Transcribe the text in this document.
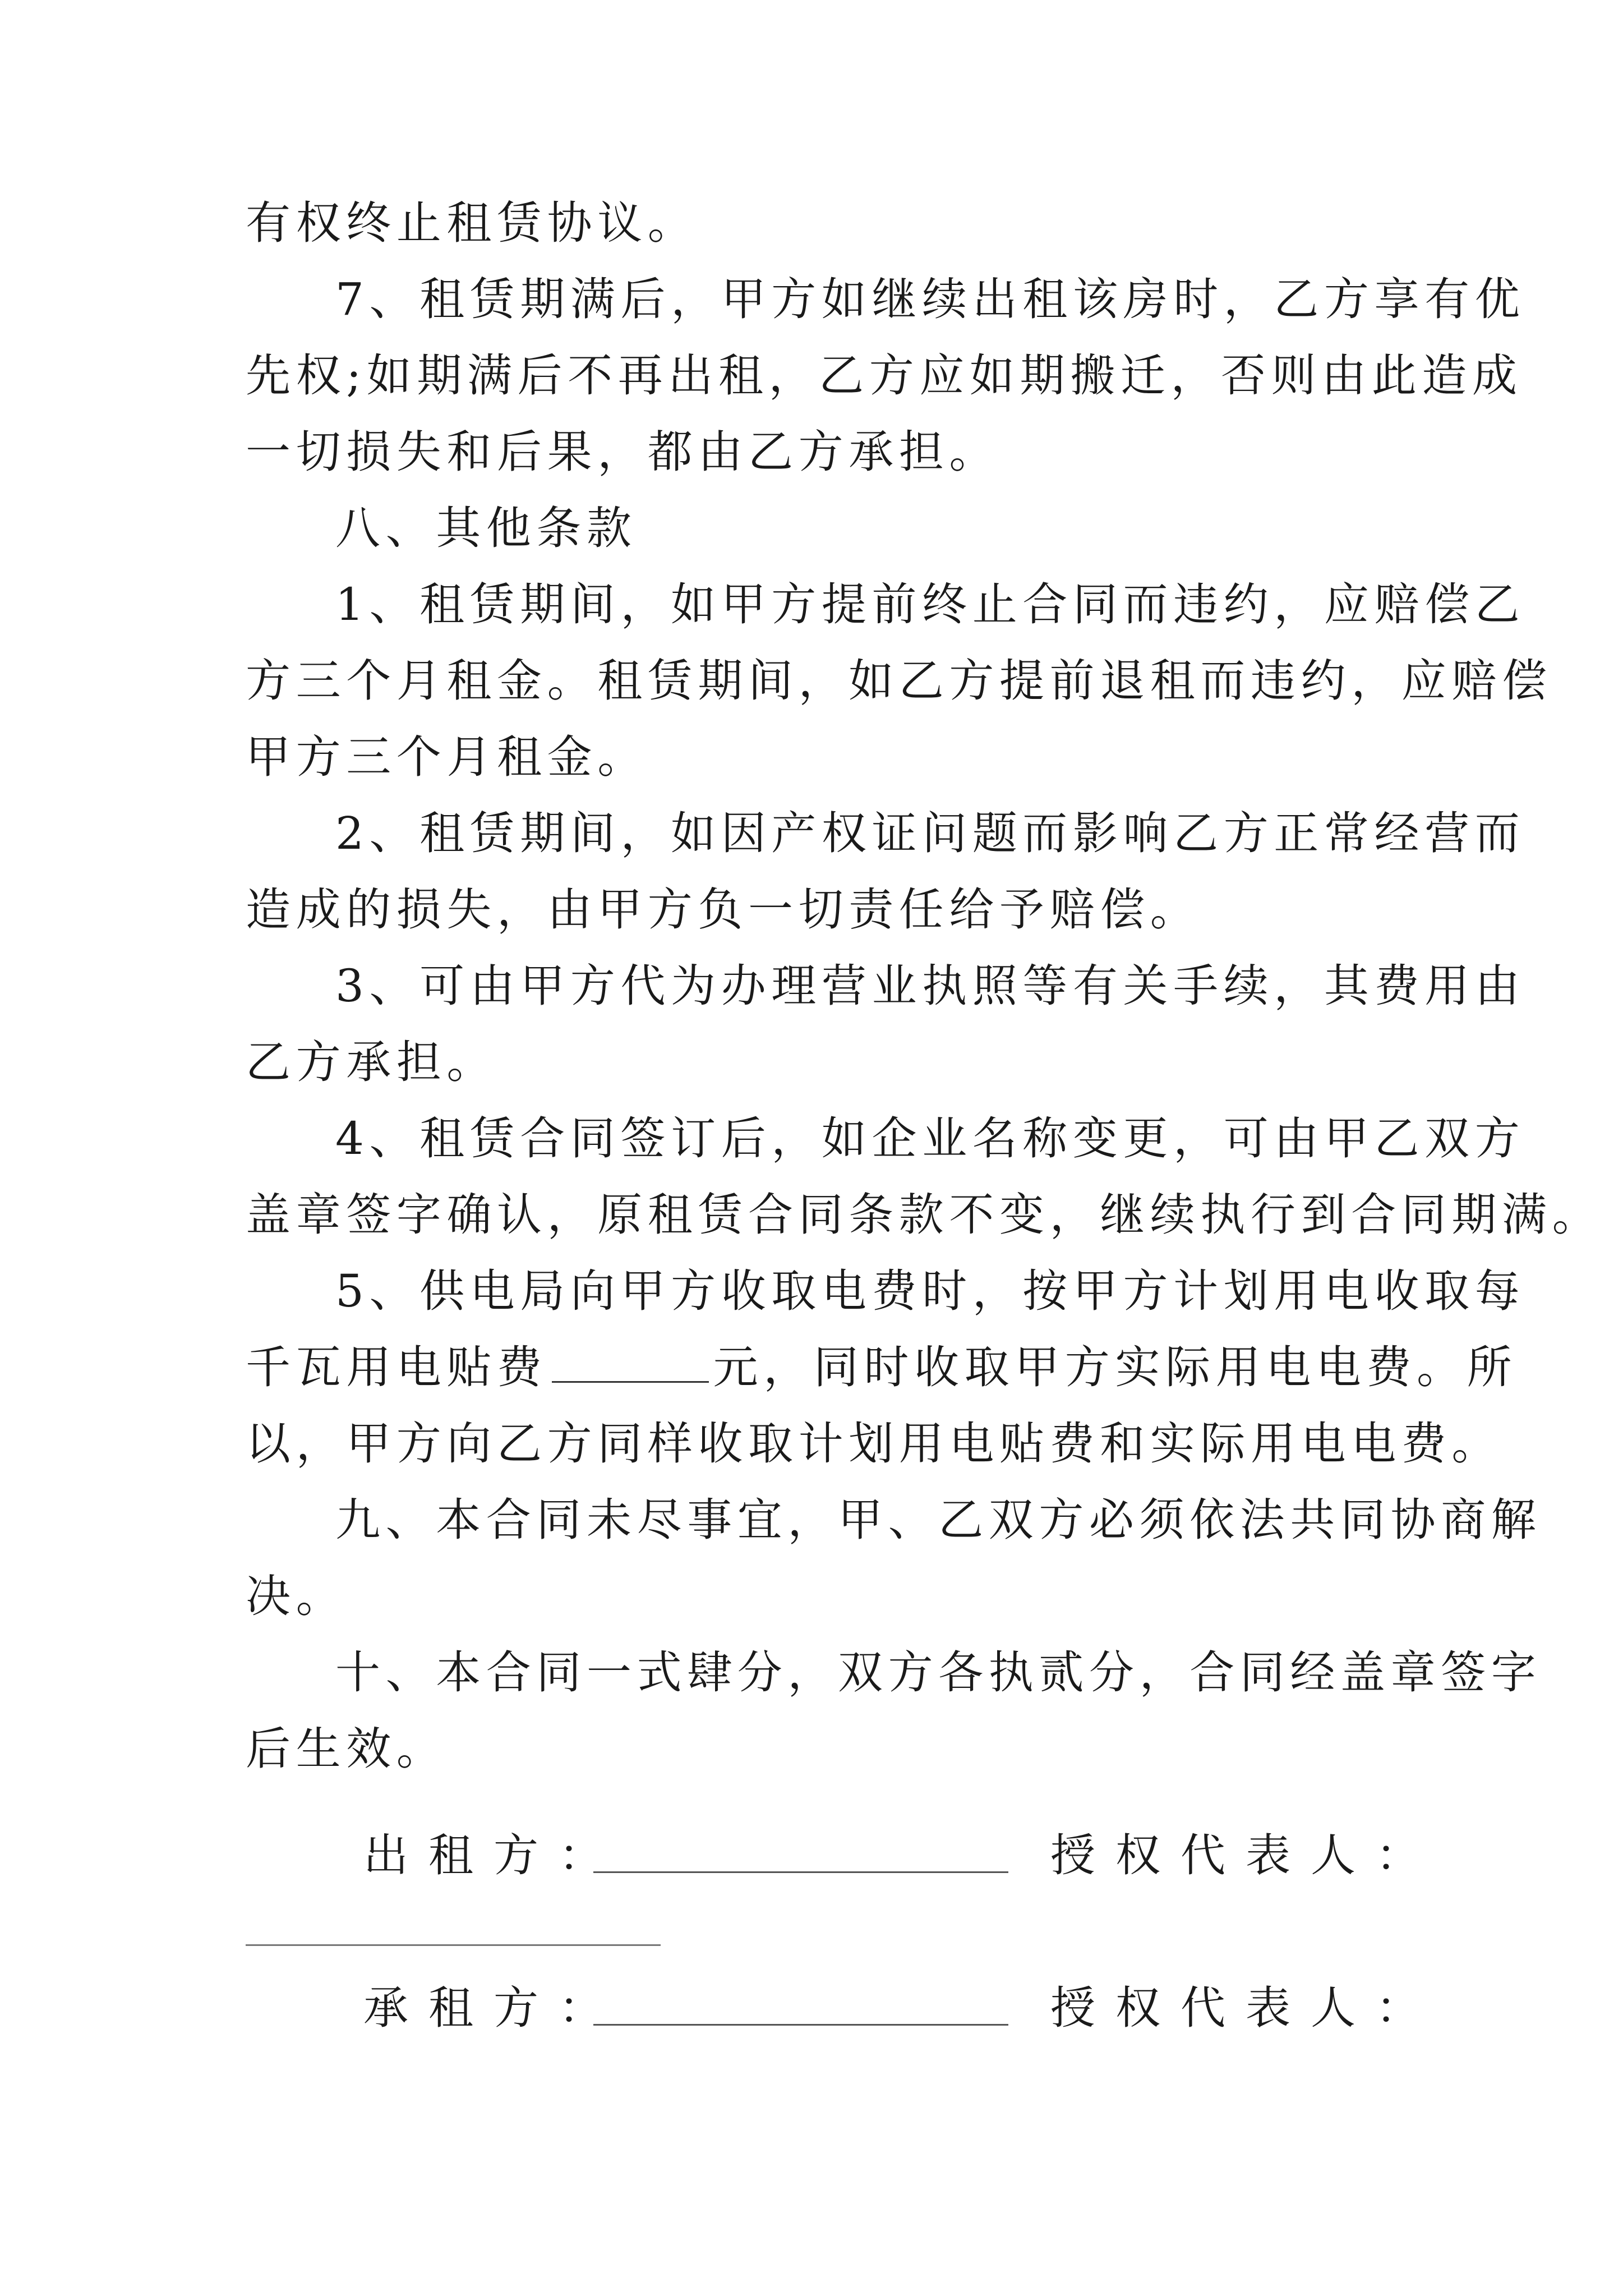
有权终止租赁协议。
7、租赁期满后，甲方如继续出租该房时，乙方享有优
先权;如期满后不再出租，乙方应如期搬迁，否则由此造成
一切损失和后果，都由乙方承担。
八、其他条款
1、租赁期间，如甲方提前终止合同而违约，应赔偿乙
方三个月租金。租赁期间，如乙方提前退租而违约，应赔偿
甲方三个月租金。
2、租赁期间，如因产权证问题而影响乙方正常经营而
造成的损失，由甲方负一切责任给予赔偿。
3、可由甲方代为办理营业执照等有关手续，其费用由
乙方承担。
4、租赁合同签订后，如企业名称变更，可由甲乙双方
盖章签字确认，原租赁合同条款不变，继续执行到合同期满。
5、供电局向甲方收取电费时，按甲方计划用电收取每
千瓦用电贴费	元，同时收取甲方实际用电电费。所
以，甲方向乙方同样收取计划用电贴费和实际用电电费。
九、本合同未尽事宜，甲、乙双方必须依法共同协商解
决。
十、本合同一式肆分，双方各执贰分，合同经盖章签字
后生效。
出租方：	授权代表人：
承租方：	授权代表人：
